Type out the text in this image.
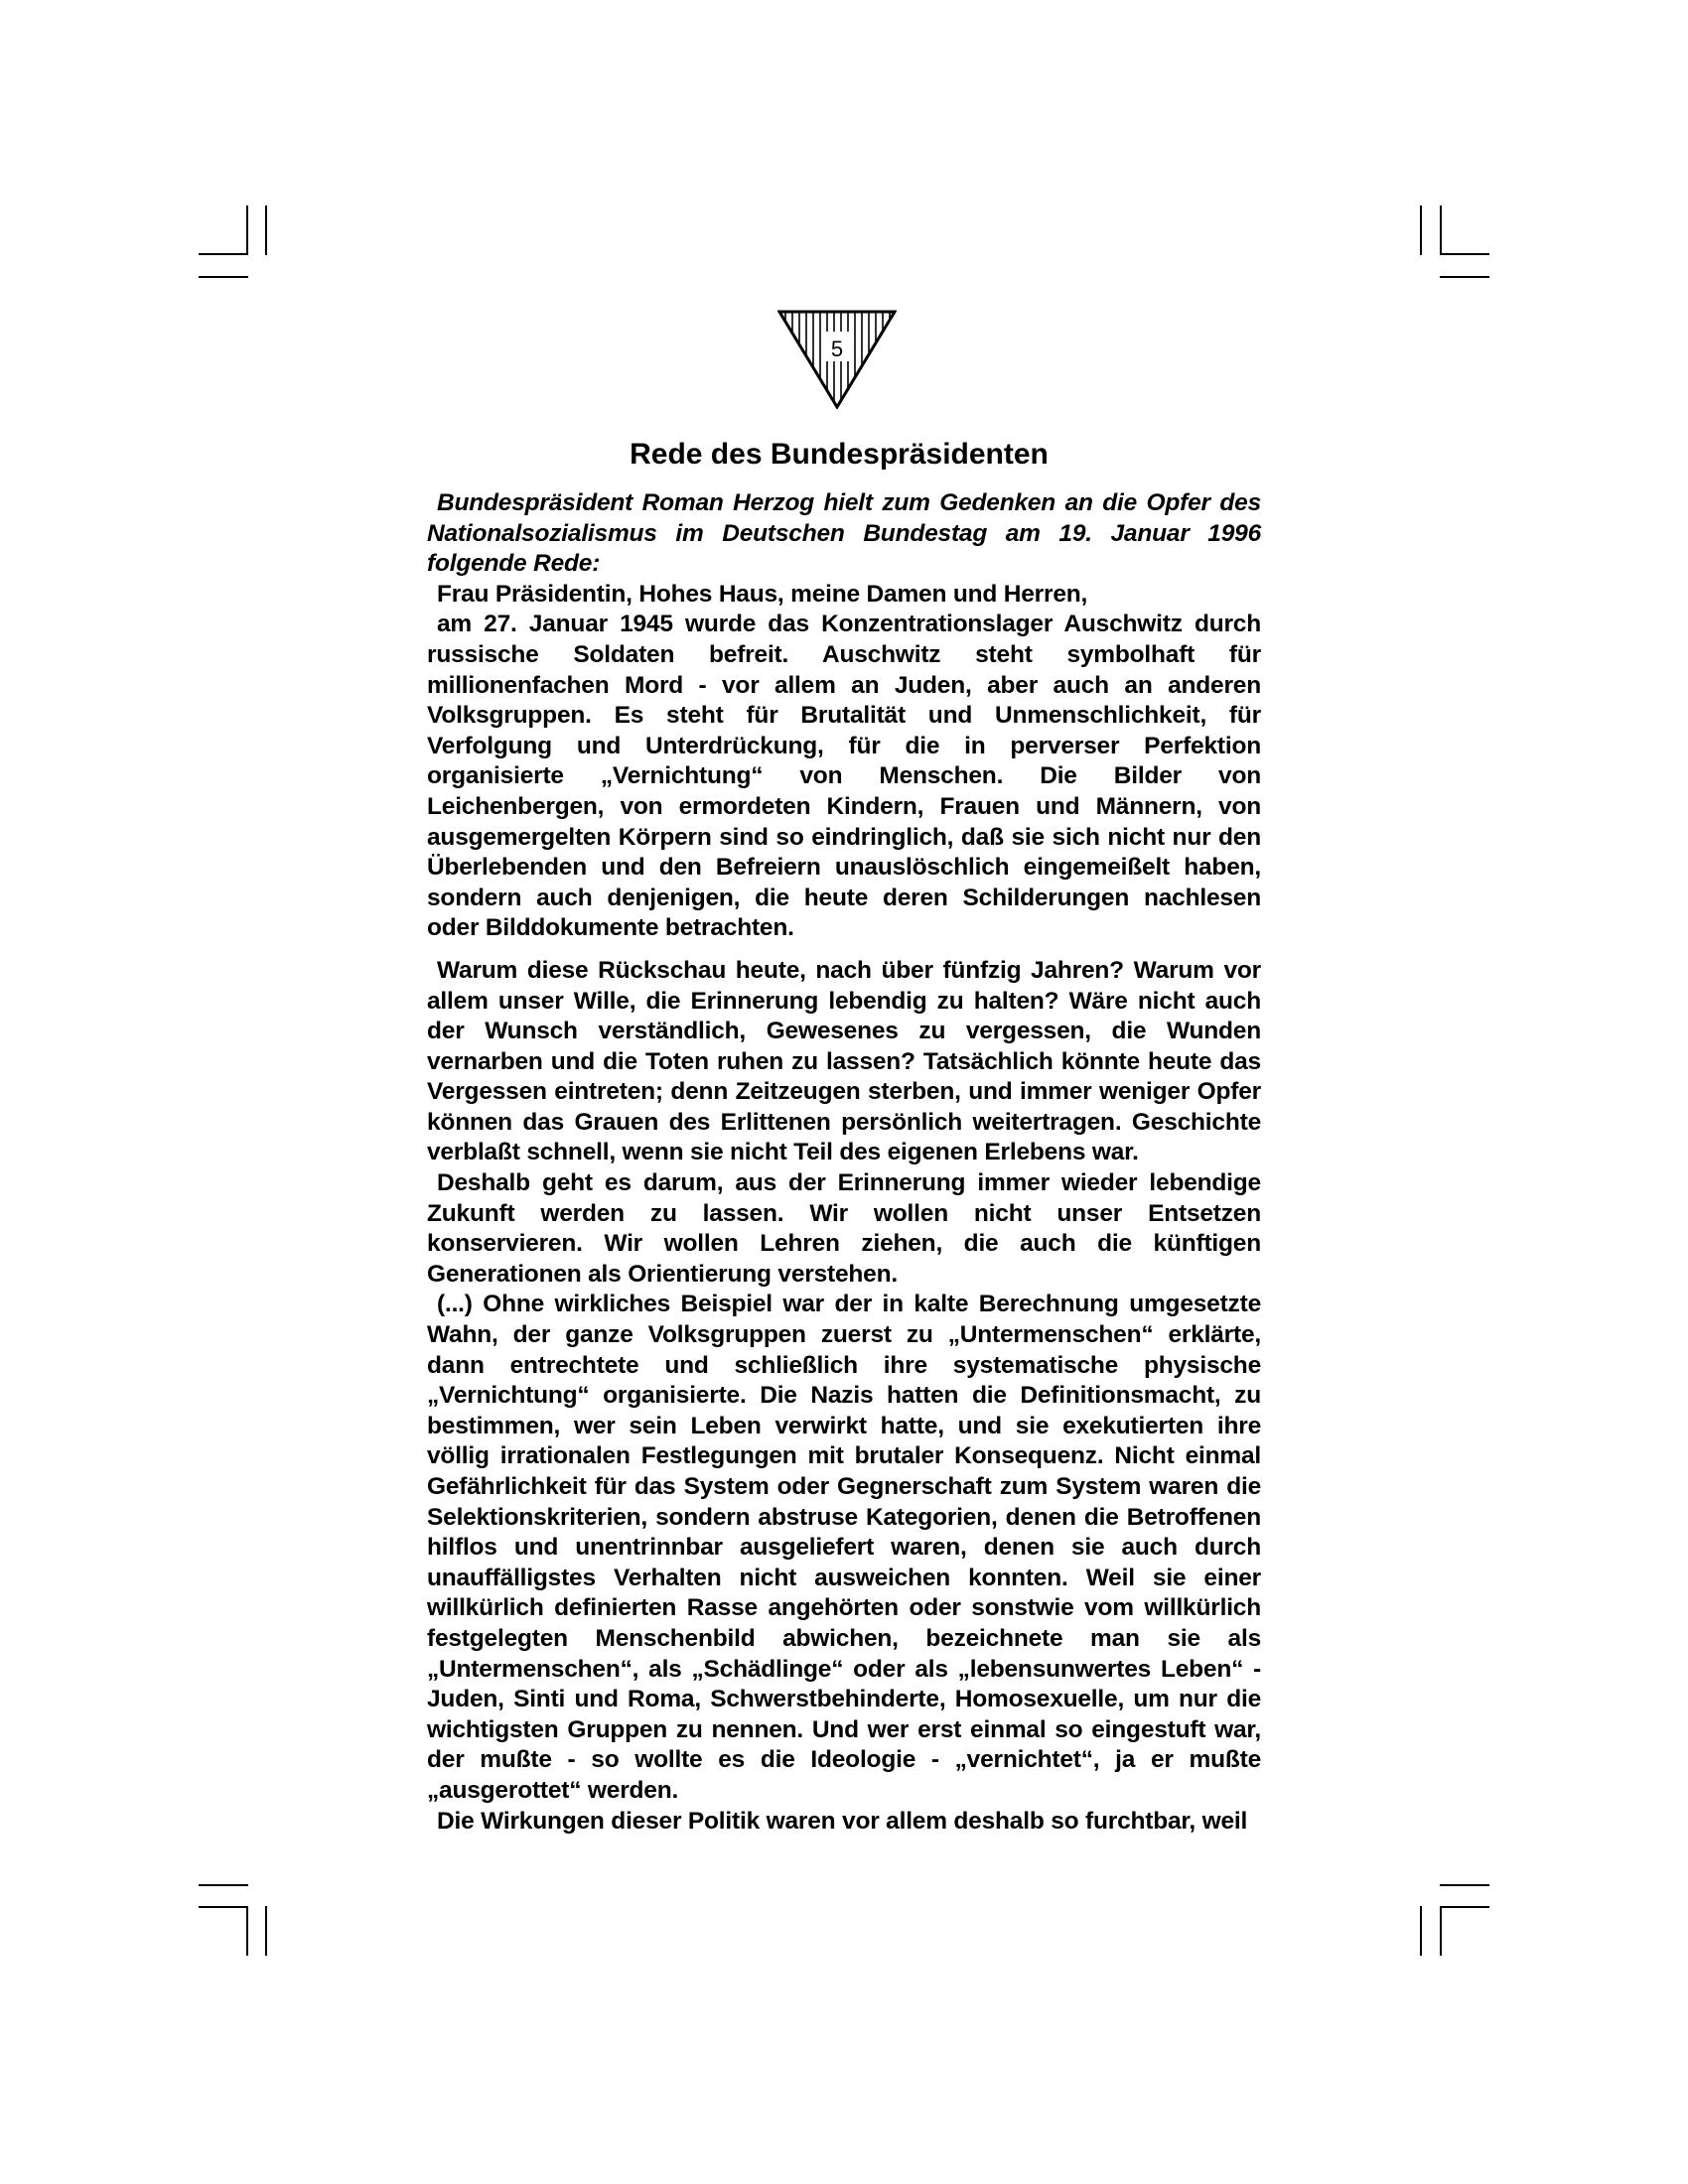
5
Rede des Bundespräsidenten

Bundespräsident Roman Herzog hielt zum Gedenken an die Opfer des Nationalsozialismus im Deutschen Bundestag am 19. Januar 1996 folgende Rede:

Frau Präsidentin, Hohes Haus, meine Damen und Herren,

am 27. Januar 1945 wurde das Konzentrationslager Auschwitz durch russische Soldaten befreit. Auschwitz steht symbolhaft für millionenfachen Mord - vor allem an Juden, aber auch an anderen Volksgruppen. Es steht für Brutalität und Unmenschlichkeit, für Verfolgung und Unterdrückung, für die in perverser Perfektion organisierte „Vernichtung“ von Menschen. Die Bilder von Leichenbergen, von ermordeten Kindern, Frauen und Männern, von ausgemergelten Körpern sind so eindringlich, daß sie sich nicht nur den Überlebenden und den Befreiern unauslöschlich eingemeißelt haben, sondern auch denjenigen, die heute deren Schilderungen nachlesen oder Bilddokumente betrachten.

Warum diese Rückschau heute, nach über fünfzig Jahren? Warum vor allem unser Wille, die Erinnerung lebendig zu halten? Wäre nicht auch der Wunsch verständlich, Gewesenes zu vergessen, die Wunden vernarben und die Toten ruhen zu lassen? Tatsächlich könnte heute das Vergessen eintreten; denn Zeitzeugen sterben, und immer weniger Opfer können das Grauen des Erlittenen persönlich weitertragen. Geschichte verblaßt schnell, wenn sie nicht Teil des eigenen Erlebens war.

Deshalb geht es darum, aus der Erinnerung immer wieder lebendige Zukunft werden zu lassen. Wir wollen nicht unser Entsetzen konservieren. Wir wollen Lehren ziehen, die auch die künftigen Generationen als Orientierung verstehen.

(...) Ohne wirkliches Beispiel war der in kalte Berechnung umgesetzte Wahn, der ganze Volksgruppen zuerst zu „Untermenschen“ erklärte, dann entrechtete und schließlich ihre systematische physische „Vernichtung“ organisierte. Die Nazis hatten die Definitionsmacht, zu bestimmen, wer sein Leben verwirkt hatte, und sie exekutierten ihre völlig irrationalen Festlegungen mit brutaler Konsequenz. Nicht einmal Gefährlichkeit für das System oder Gegnerschaft zum System waren die Selektionskriterien, sondern abstruse Kategorien, denen die Betroffenen hilflos und unentrinnbar ausgeliefert waren, denen sie auch durch unauffälligstes Verhalten nicht ausweichen konnten. Weil sie einer willkürlich definierten Rasse angehörten oder sonstwie vom willkürlich festgelegten Menschenbild abwichen, bezeichnete man sie als „Untermenschen“, als „Schädlinge“ oder als „lebensunwertes Leben“ - Juden, Sinti und Roma, Schwerstbehinderte, Homosexuelle, um nur die wichtigsten Gruppen zu nennen. Und wer erst einmal so eingestuft war, der mußte - so wollte es die Ideologie - „vernichtet“, ja er mußte „ausgerottet“ werden.

Die Wirkungen dieser Politik waren vor allem deshalb so furchtbar, weil
